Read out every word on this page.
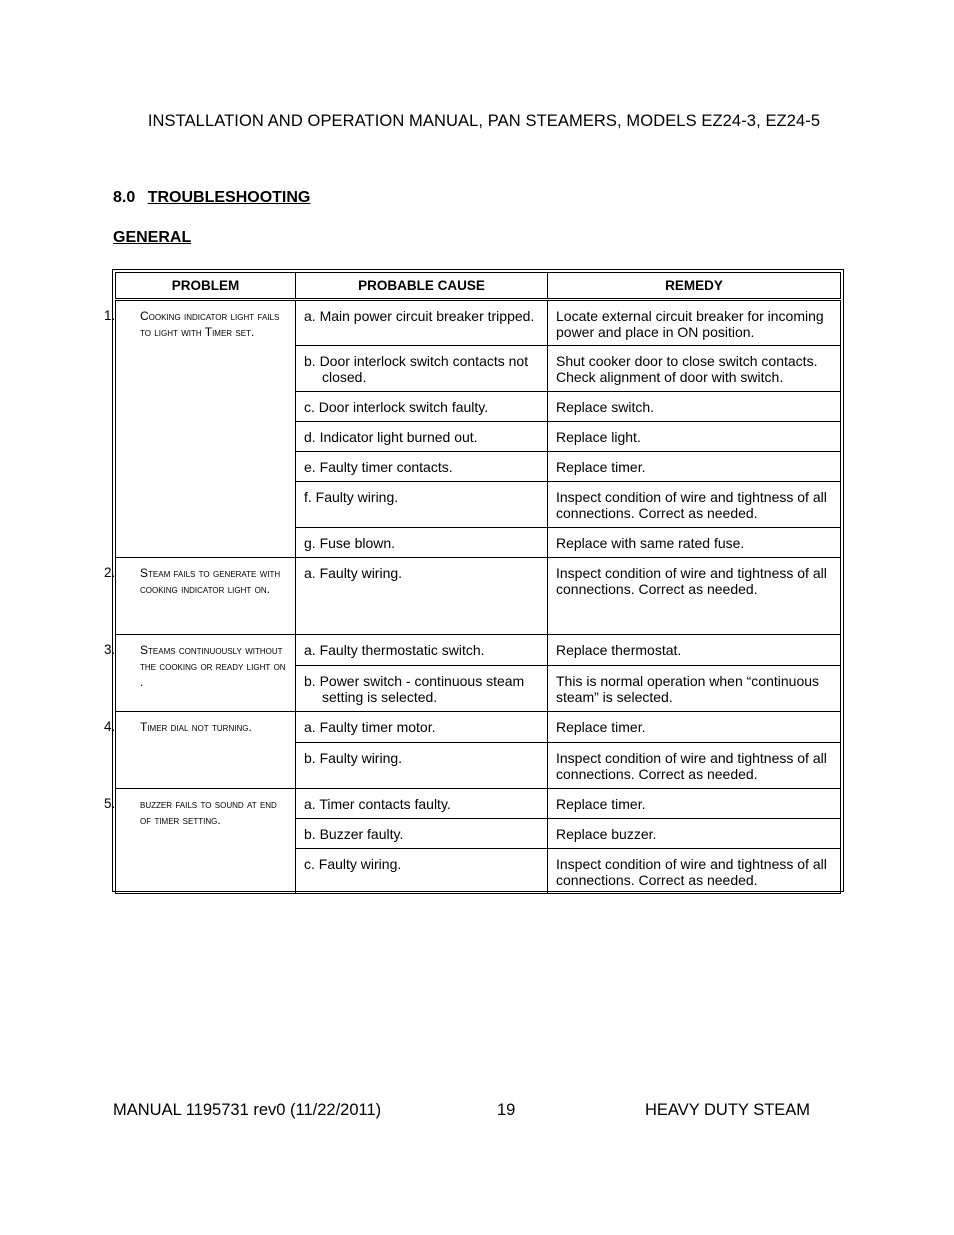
INSTALLATION AND OPERATION MANUAL, PAN STEAMERS, MODELS EZ24-3, EZ24-5
8.0 TROUBLESHOOTING
GENERAL
PROBLEM	PROBABLE CAUSE	REMEDY

1. Cooking indicator light fails to light with Timer set.	a. Main power circuit breaker tripped.	Locate external circuit breaker for incoming power and place in ON position.

	b. Door interlock switch contacts not closed.	Shut cooker door to close switch contacts. Check alignment of door with switch.

	c. Door interlock switch faulty.	Replace switch.

	d. Indicator light burned out.	Replace light.

	e. Faulty timer contacts.	Replace timer.

	f. Faulty wiring.	Inspect condition of wire and tightness of all connections. Correct as needed.

	g. Fuse blown.	Replace with same rated fuse.

2. Steam fails to generate with cooking indicator light on.	a. Faulty wiring.	Inspect condition of wire and tightness of all connections. Correct as needed.

3. Steams continuously without the cooking or ready light on .	a. Faulty thermostatic switch.	Replace thermostat.

	b. Power switch - continuous steam setting is selected.	This is normal operation when “continuous steam” is selected.

4. Timer dial not turning.	a. Faulty timer motor.	Replace timer.

	b. Faulty wiring.	Inspect condition of wire and tightness of all connections. Correct as needed.

5. buzzer fails to sound at end of timer setting.	a. Timer contacts faulty.	Replace timer.

	b. Buzzer faulty.	Replace buzzer.

	c. Faulty wiring.	Inspect condition of wire and tightness of all connections. Correct as needed.
MANUAL 1195731 rev0 (11/22/2011)	19	HEAVY DUTY STEAM
